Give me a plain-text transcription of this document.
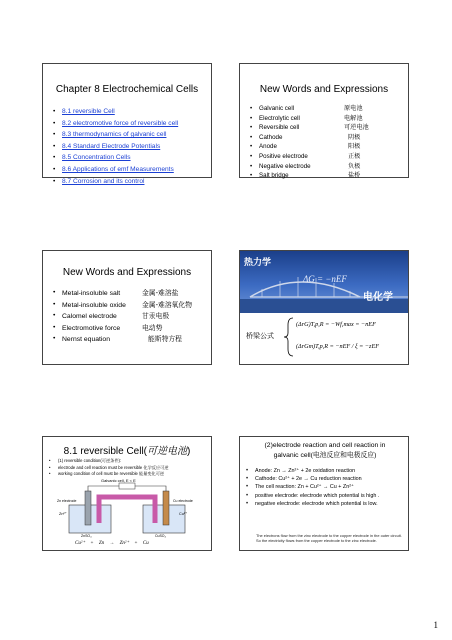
Chapter 8 Electrochemical Cells
• 8.1 reversible Cell
• 8.2 electromotive force of reversible cell
• 8.3 thermodynamics of galvanic cell
• 8.4 Standard Electrode Potentials
• 8.5 Concentration Cells
• 8.6 Applications of emf Measurements
• 8.7 Corrosion and its control
New Words and Expressions
• Galvanic cell	原电池
• Electrolytic cell	电解池
• Reversible cell	可逆电池
• Cathode	阴极
• Anode	阳极
• Positive electrode	正极
• Negative electrode	负极
• Salt bridge	盐桥
New Words and Expressions
• Metal-insoluble salt	金属-难溶盐
• Metal-insoluble oxide 金属-难溶氧化物
• Calomel electrode	甘汞电极
• Electromotive force	电动势
• Nernst equation	能斯特方程
热力学
ΔG = −nEF
电化学
桥梁公式
(ΔrG)T,p,R = −Wf,max = −nEF
(ΔrGm)T,p,R = −nEF / ξ = −zEF
8.1 reversible Cell(可逆电池)
• (1) reversible condition(可逆条件):
• electrode and cell reaction must be reversible 化学反应可逆
• working condition of cell must be reversible 能量变化可逆
Galvanic cell, E < E
Zn²⁺	Cu²⁺
Zn electrode	Cu electrode
ZnSO₄	CuSO₄
Cu²⁺ + Zn → Zn²⁺ + Cu
(2)electrode reaction and cell reaction in
galvanic cell(电池反应和电极反应)
• Anode: Zn → Zn²⁺ + 2e oxidation reaction
• Cathode: Cu²⁺ + 2e → Cu reduction reaction
• The cell reaction: Zn + Cu²⁺ → Cu + Zn²⁺
• positive electrode: electrode which potential is high .
• negative electrode: electrode which potential is low.
The electrons flow from the zinc electrode to the copper electrode in the outer circuit. So the electricity flows from the copper electrode to the zinc electrode.
1
